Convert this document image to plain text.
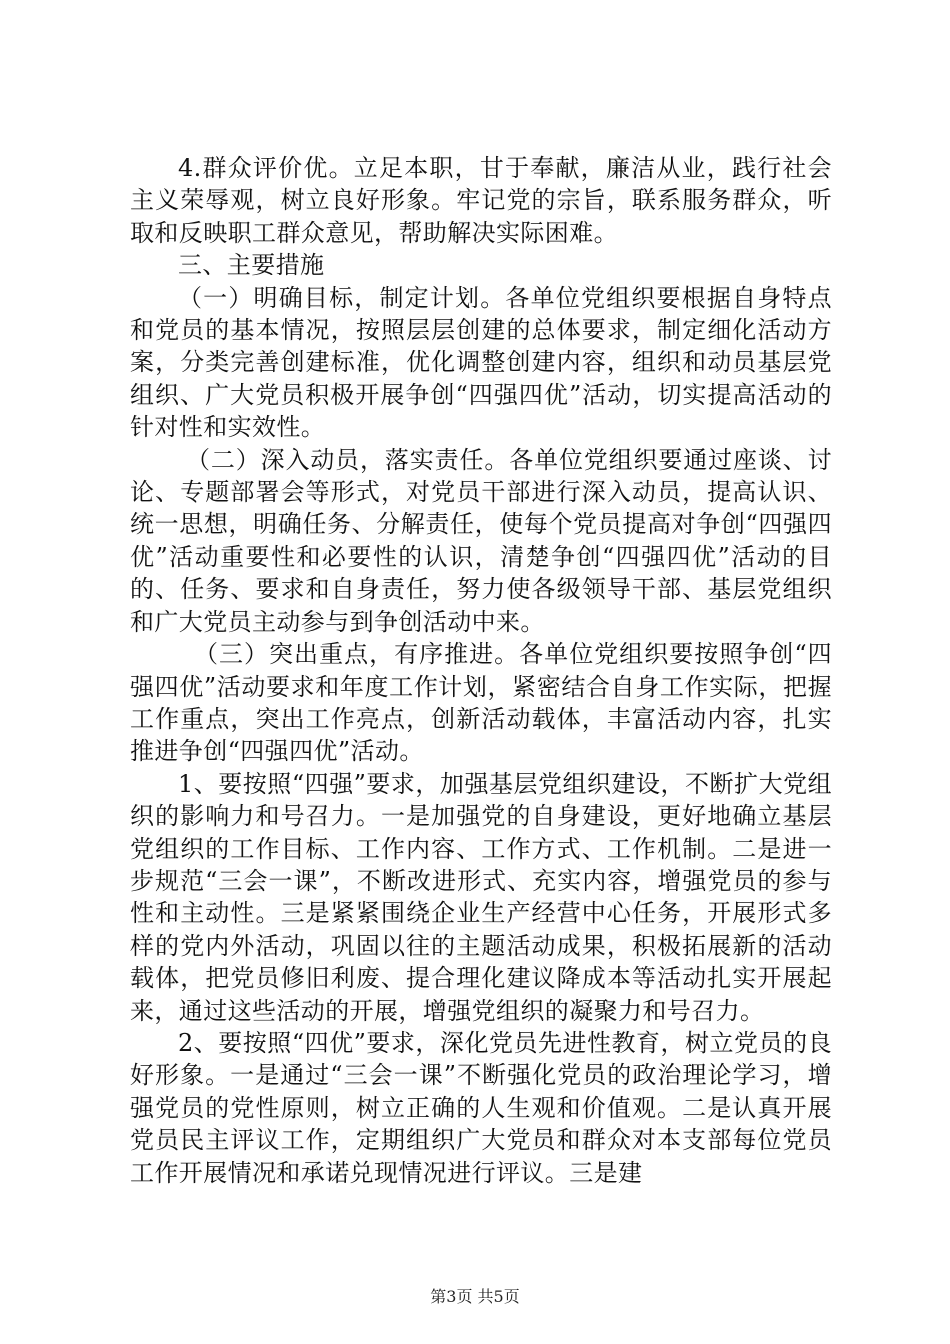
4.群众评价优。立足本职，甘于奉献，廉洁从业，践行社会主义荣辱观，树立良好形象。牢记党的宗旨，联系服务群众，听取和反映职工群众意见，帮助解决实际困难。

三、主要措施

（一）明确目标，制定计划。各单位党组织要根据自身特点和党员的基本情况，按照层层创建的总体要求，制定细化活动方案，分类完善创建标准，优化调整创建内容，组织和动员基层党组织、广大党员积极开展争创“四强四优”活动，切实提高活动的针对性和实效性。

（二）深入动员，落实责任。各单位党组织要通过座谈、讨论、专题部署会等形式，对党员干部进行深入动员，提高认识、统一思想，明确任务、分解责任，使每个党员提高对争创“四强四优”活动重要性和必要性的认识，清楚争创“四强四优”活动的目的、任务、要求和自身责任，努力使各级领导干部、基层党组织和广大党员主动参与到争创活动中来。

（三）突出重点，有序推进。各单位党组织要按照争创“四强四优”活动要求和年度工作计划，紧密结合自身工作实际，把握工作重点，突出工作亮点，创新活动载体，丰富活动内容，扎实推进争创“四强四优”活动。

1、要按照“四强”要求，加强基层党组织建设，不断扩大党组织的影响力和号召力。一是加强党的自身建设，更好地确立基层党组织的工作目标、工作内容、工作方式、工作机制。二是进一步规范“三会一课”，不断改进形式、充实内容，增强党员的参与性和主动性。三是紧紧围绕企业生产经营中心任务，开展形式多样的党内外活动，巩固以往的主题活动成果，积极拓展新的活动载体，把党员修旧利废、提合理化建议降成本等活动扎实开展起来，通过这些活动的开展，增强党组织的凝聚力和号召力。

2、要按照“四优”要求，深化党员先进性教育，树立党员的良好形象。一是通过“三会一课”不断强化党员的政治理论学习，增强党员的党性原则，树立正确的人生观和价值观。二是认真开展党员民主评议工作，定期组织广大党员和群众对本支部每位党员工作开展情况和承诺兑现情况进行评议。三是建

第3页 共5页
